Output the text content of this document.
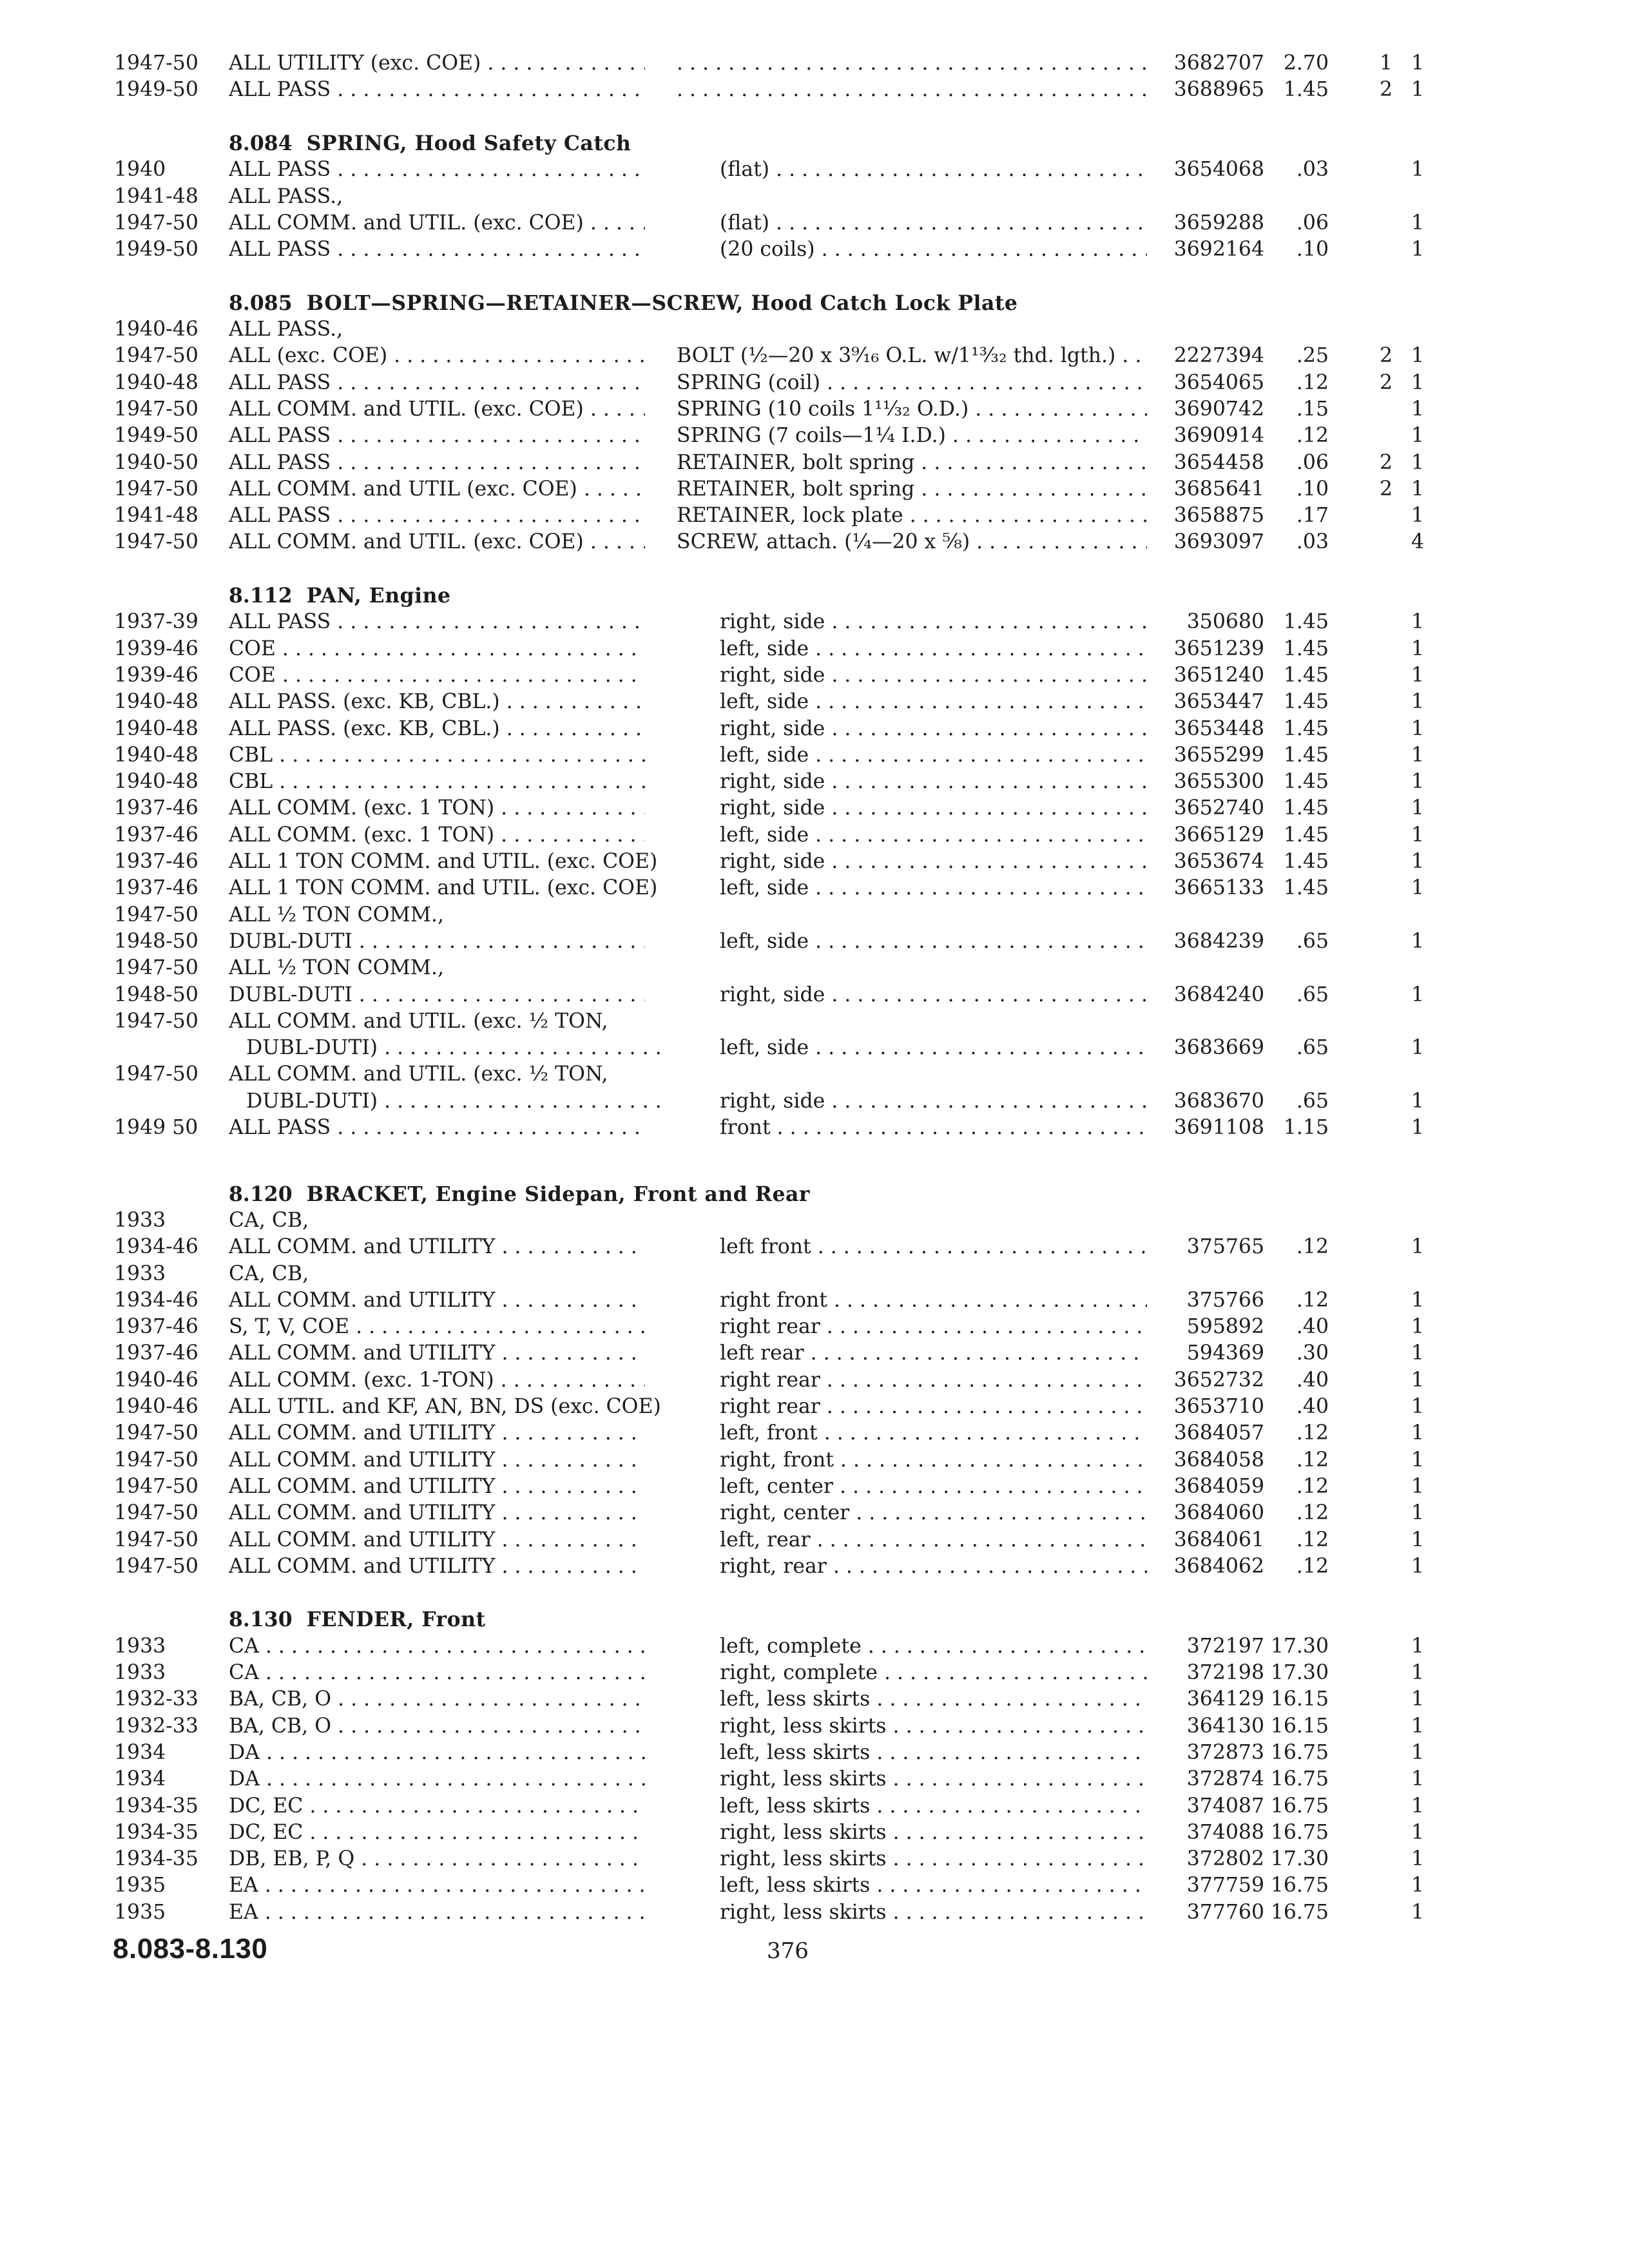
1947-50 ALL UTILITY (exc. COE) . . . . . .	3682707 2.70	1 1
1949-50 ALL PASS . . . . . .	3688965 1.45	2 1
8.084 SPRING, Hood Safety Catch
1940	ALL PASS . . .	(flat) . . .	3654068 .03	1
1941-48 ALL PASS.,
1947-50 ALL COMM. and UTIL. (exc. COE) . . .	(flat) . . .	3659288 .06	1
1949-50 ALL PASS . . .	(20 coils) . . .	3692164 .10	1
8.085 BOLT—SPRING—RETAINER—SCREW, Hood Catch Lock Plate
1940-46 ALL PASS.,
1947-50 ALL (exc. COE) . . .	BOLT (½—20 x 3⁹⁄₁₆ O.L. w/1¹³⁄₃₂ thd. lgth.) . . .	2227394 .25	2 1
1940-48 ALL PASS . . .	SPRING (coil) . . .	3654065 .12	2 1
1947-50 ALL COMM. and UTIL. (exc. COE) . . .	SPRING (10 coils 1¹¹⁄₃₂ O.D.) . . .	3690742 .15	1
1949-50 ALL PASS . . .	SPRING (7 coils—1¼ I.D.) . . .	3690914 .12	1
1940-50 ALL PASS . . .	RETAINER, bolt spring . . .	3654458 .06	2 1
1947-50 ALL COMM. and UTIL (exc. COE) . . .	RETAINER, bolt spring . . .	3685641 .10	2 1
1941-48 ALL PASS . . .	RETAINER, lock plate . . .	3658875 .17	1
1947-50 ALL COMM. and UTIL. (exc. COE) . . .	SCREW, attach. (¼—20 x ⅝) . . .	3693097 .03	4
8.112 PAN, Engine
1937-39 ALL PASS . . .	right, side . . .	350680 1.45	1
1939-46 COE . . .	left, side . . .	3651239 1.45	1
1939-46 COE . . .	right, side . . .	3651240 1.45	1
1940-48 ALL PASS. (exc. KB, CBL.) . . .	left, side . . .	3653447 1.45	1
1940-48 ALL PASS. (exc. KB, CBL.) . . .	right, side . . .	3653448 1.45	1
1940-48 CBL . . .	left, side . . .	3655299 1.45	1
1940-48 CBL . . .	right, side . . .	3655300 1.45	1
1937-46 ALL COMM. (exc. 1 TON) . . .	right, side . . .	3652740 1.45	1
1937-46 ALL COMM. (exc. 1 TON) . . .	left, side . . .	3665129 1.45	1
1937-46 ALL 1 TON COMM. and UTIL. (exc. COE)	right, side . . .	3653674 1.45	1
1937-46 ALL 1 TON COMM. and UTIL. (exc. COE)	left, side . . .	3665133 1.45	1
1947-50 ALL ½ TON COMM.,
1948-50 DUBL-DUTI . . .	left, side . . .	3684239 .65	1
1947-50 ALL ½ TON COMM.,
1948-50 DUBL-DUTI . . .	right, side . . .	3684240 .65	1
1947-50 ALL COMM. and UTIL. (exc. ½ TON,
DUBL-DUTI) . . .	left, side . . .	3683669 .65	1
1947-50 ALL COMM. and UTIL. (exc. ½ TON,
DUBL-DUTI) . . .	right, side . . .	3683670 .65	1
1949 50 ALL PASS . . .	front . . .	3691108 1.15	1
8.120 BRACKET, Engine Sidepan, Front and Rear
1933	CA, CB,
1934-46 ALL COMM. and UTILITY . . .	left front . . .	375765 .12	1
1933	CA, CB,
1934-46 ALL COMM. and UTILITY . . .	right front . . .	375766 .12	1
1937-46 S, T, V, COE . . .	right rear . . .	595892 .40	1
1937-46 ALL COMM. and UTILITY . . .	left rear . . .	594369 .30	1
1940-46 ALL COMM. (exc. 1-TON) . . .	right rear . . .	3652732 .40	1
1940-46 ALL UTIL. and KF, AN, BN, DS (exc. COE)	right rear . . .	3653710 .40	1
1947-50 ALL COMM. and UTILITY . . .	left, front . . .	3684057 .12	1
1947-50 ALL COMM. and UTILITY . . .	right, front . . .	3684058 .12	1
1947-50 ALL COMM. and UTILITY . . .	left, center . . .	3684059 .12	1
1947-50 ALL COMM. and UTILITY . . .	right, center . . .	3684060 .12	1
1947-50 ALL COMM. and UTILITY . . .	left, rear . . .	3684061 .12	1
1947-50 ALL COMM. and UTILITY . . .	right, rear . . .	3684062 .12	1
8.130 FENDER, Front
1933	CA . . .	left, complete . . .	372197 17.30	1
1933	CA . . .	right, complete . . .	372198 17.30	1
1932-33 BA, CB, O . . .	left, less skirts . . .	364129 16.15	1
1932-33 BA, CB, O . . .	right, less skirts . . .	364130 16.15	1
1934	DA . . .	left, less skirts . . .	372873 16.75	1
1934	DA . . .	right, less skirts . . .	372874 16.75	1
1934-35 DC, EC . . .	left, less skirts . . .	374087 16.75	1
1934-35 DC, EC . . .	right, less skirts . . .	374088 16.75	1
1934-35 DB, EB, P, Q . . .	right, less skirts . . .	372802 17.30	1
1935	EA . . .	left, less skirts . . .	377759 16.75	1
1935	EA . . .	right, less skirts . . .	377760 16.75	1
8.083-8.130	376
